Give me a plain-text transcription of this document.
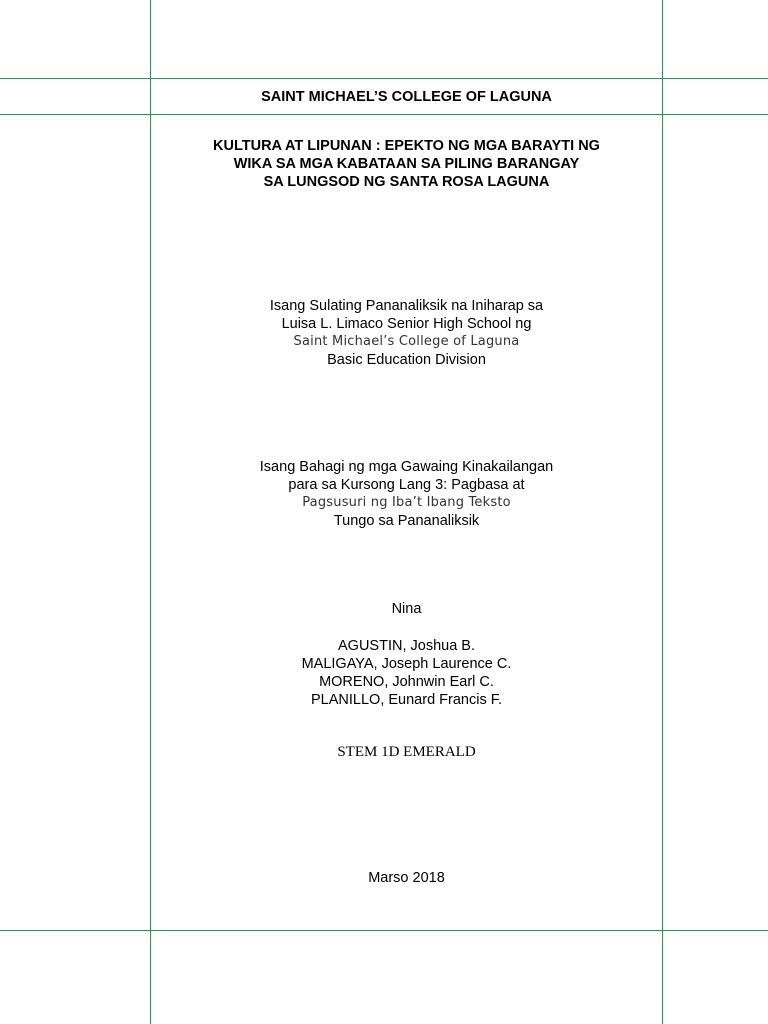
SAINT MICHAEL’S COLLEGE OF LAGUNA
KULTURA AT LIPUNAN : EPEKTO NG MGA BARAYTI NG
WIKA SA MGA KABATAAN SA PILING BARANGAY
SA LUNGSOD NG SANTA ROSA LAGUNA
Isang Sulating Pananaliksik na Iniharap sa
Luisa L. Limaco Senior High School ng
Saint Michael’s College of Laguna
Basic Education Division
Isang Bahagi ng mga Gawaing Kinakailangan
para sa Kursong Lang 3: Pagbasa at
Pagsusuri ng Iba’t Ibang Teksto
Tungo sa Pananaliksik
Nina
AGUSTIN, Joshua B.
MALIGAYA, Joseph Laurence C.
MORENO, Johnwin Earl C.
PLANILLO, Eunard Francis F.
STEM 1D EMERALD
Marso 2018
